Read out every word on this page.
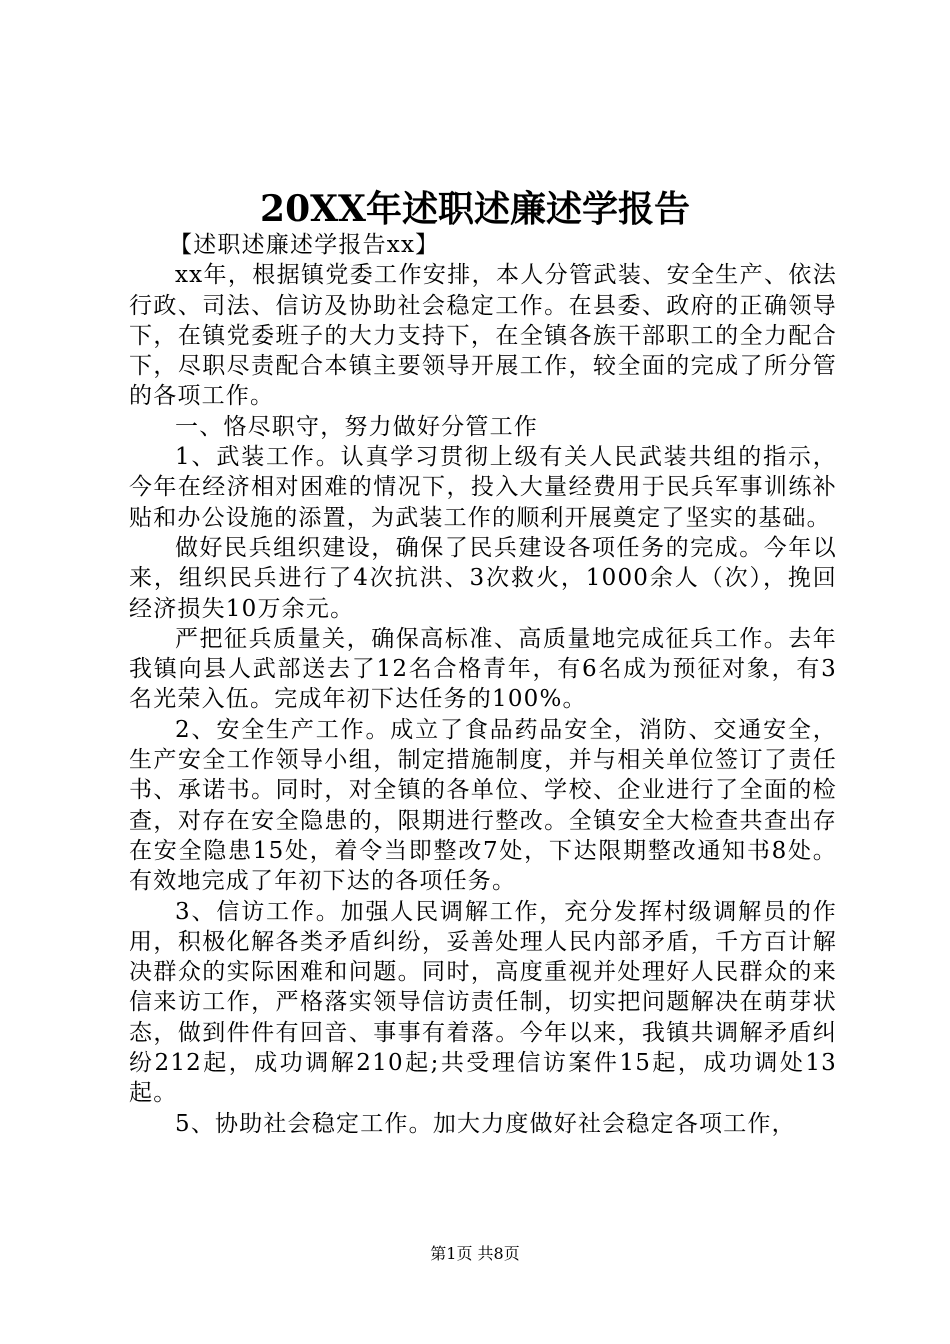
20XX年述职述廉述学报告

【述职述廉述学报告xx】

xx年，根据镇党委工作安排，本人分管武装、安全生产、依法行政、司法、信访及协助社会稳定工作。在县委、政府的正确领导下，在镇党委班子的大力支持下，在全镇各族干部职工的全力配合下，尽职尽责配合本镇主要领导开展工作，较全面的完成了所分管的各项工作。

一、恪尽职守，努力做好分管工作

1、武装工作。认真学习贯彻上级有关人民武装共组的指示，今年在经济相对困难的情况下，投入大量经费用于民兵军事训练补贴和办公设施的添置，为武装工作的顺利开展奠定了坚实的基础。

做好民兵组织建设，确保了民兵建设各项任务的完成。今年以来，组织民兵进行了4次抗洪、3次救火，1000余人（次），挽回经济损失10万余元。

严把征兵质量关，确保高标准、高质量地完成征兵工作。去年我镇向县人武部送去了12名合格青年，有6名成为预征对象，有3名光荣入伍。完成年初下达任务的100%。

2、安全生产工作。成立了食品药品安全，消防、交通安全，生产安全工作领导小组，制定措施制度，并与相关单位签订了责任书、承诺书。同时，对全镇的各单位、学校、企业进行了全面的检查，对存在安全隐患的，限期进行整改。全镇安全大检查共查出存在安全隐患15处，着令当即整改7处，下达限期整改通知书8处。有效地完成了年初下达的各项任务。

3、信访工作。加强人民调解工作，充分发挥村级调解员的作用，积极化解各类矛盾纠纷，妥善处理人民内部矛盾，千方百计解决群众的实际困难和问题。同时，高度重视并处理好人民群众的来信来访工作，严格落实领导信访责任制，切实把问题解决在萌芽状态，做到件件有回音、事事有着落。今年以来，我镇共调解矛盾纠纷212起，成功调解210起;共受理信访案件15起，成功调处13起。

5、协助社会稳定工作。加大力度做好社会稳定各项工作，

第1页 共8页
